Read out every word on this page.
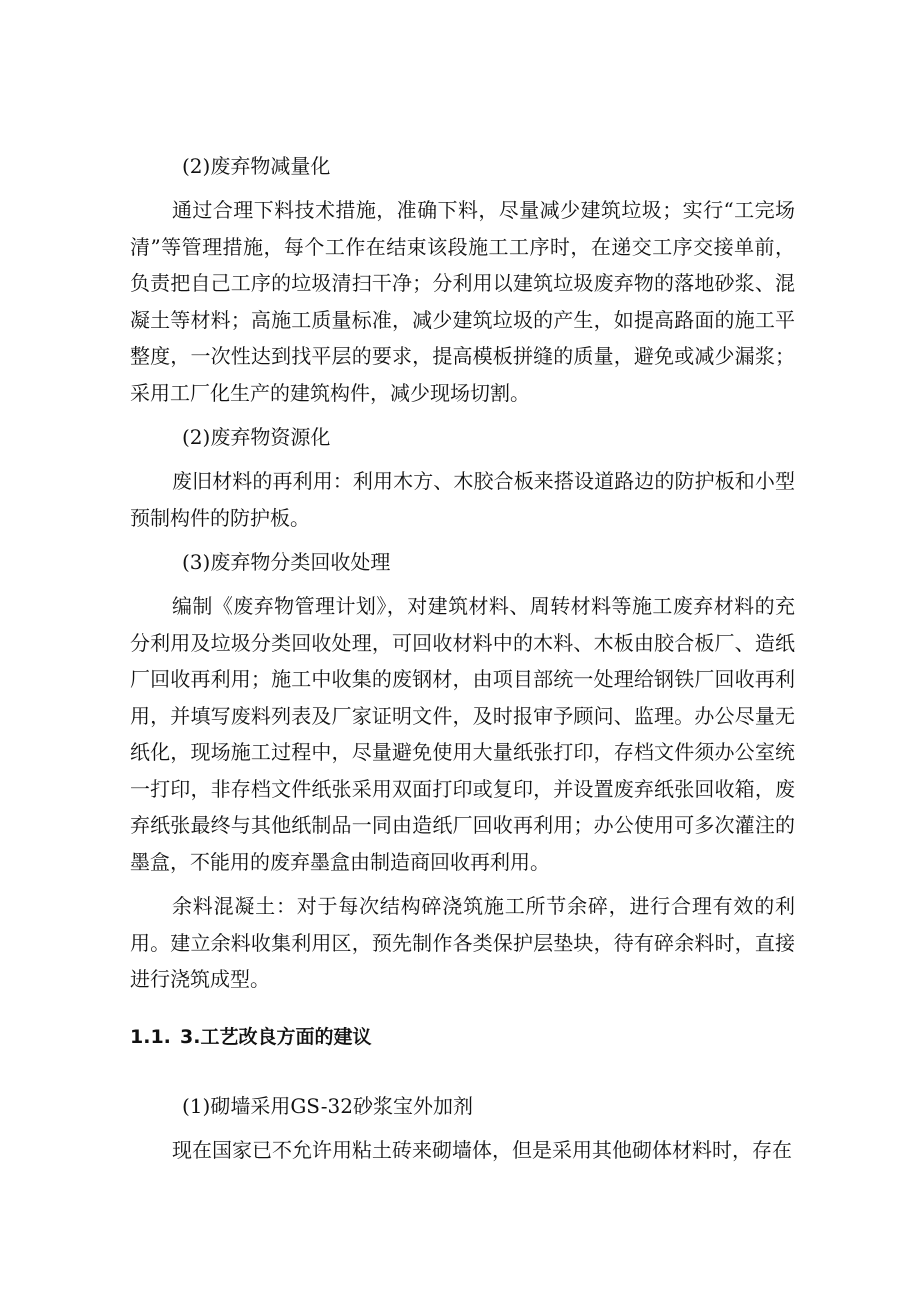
(2)废弃物减量化

通过合理下料技术措施，准确下料，尽量减少建筑垃圾；实行“工完场清”等管理措施，每个工作在结束该段施工工序时，在递交工序交接单前，负责把自己工序的垃圾清扫干净；分利用以建筑垃圾废弃物的落地砂浆、混凝土等材料；高施工质量标准，减少建筑垃圾的产生，如提高路面的施工平整度，一次性达到找平层的要求，提高模板拼缝的质量，避免或减少漏浆；采用工厂化生产的建筑构件，减少现场切割。

(2)废弃物资源化

废旧材料的再利用：利用木方、木胶合板来搭设道路边的防护板和小型预制构件的防护板。

(3)废弃物分类回收处理

编制《废弃物管理计划》，对建筑材料、周转材料等施工废弃材料的充分利用及垃圾分类回收处理，可回收材料中的木料、木板由胶合板厂、造纸厂回收再利用；施工中收集的废钢材，由项目部统一处理给钢铁厂回收再利用，并填写废料列表及厂家证明文件，及时报审予顾问、监理。办公尽量无纸化，现场施工过程中，尽量避免使用大量纸张打印，存档文件须办公室统一打印，非存档文件纸张采用双面打印或复印，并设置废弃纸张回收箱，废弃纸张最终与其他纸制品一同由造纸厂回收再利用；办公使用可多次灌注的墨盒，不能用的废弃墨盒由制造商回收再利用。

余料混凝土：对于每次结构碎浇筑施工所节余碎，进行合理有效的利用。建立余料收集利用区，预先制作各类保护层垫块，待有碎余料时，直接进行浇筑成型。

1.1. 3.工艺改良方面的建议

(1)砌墙采用GS-32砂浆宝外加剂

现在国家已不允许用粘土砖来砌墙体，但是采用其他砌体材料时，存在
